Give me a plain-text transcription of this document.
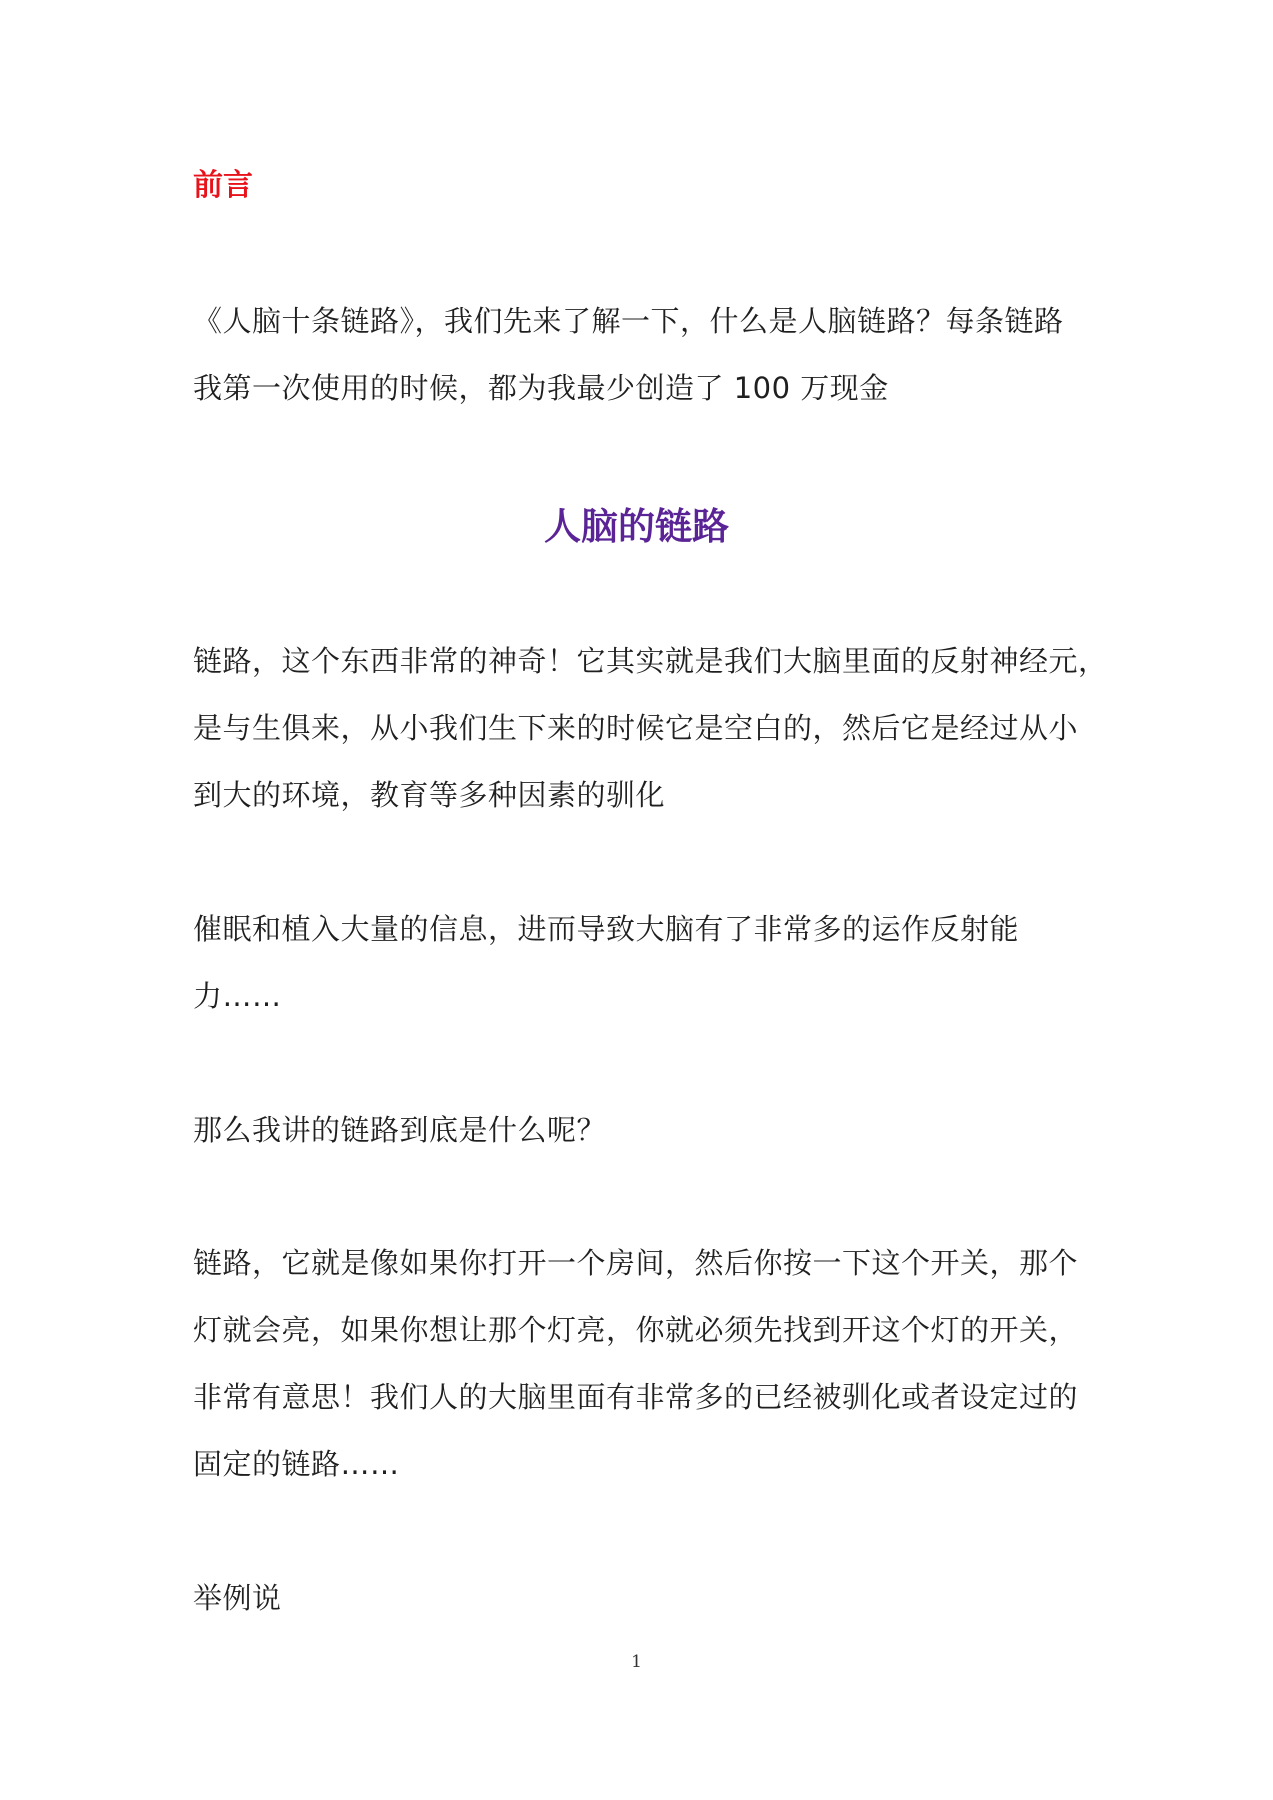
前言

《人脑十条链路》，我们先来了解一下，什么是人脑链路？每条链路
我第一次使用的时候，都为我最少创造了 100 万现金

人脑的链路

链路，这个东西非常的神奇！它其实就是我们大脑里面的反射神经元，
是与生俱来，从小我们生下来的时候它是空白的，然后它是经过从小
到大的环境，教育等多种因素的驯化

催眠和植入大量的信息，进而导致大脑有了非常多的运作反射能
力……

那么我讲的链路到底是什么呢？

链路，它就是像如果你打开一个房间，然后你按一下这个开关，那个
灯就会亮，如果你想让那个灯亮，你就必须先找到开这个灯的开关，
非常有意思！我们人的大脑里面有非常多的已经被驯化或者设定过的
固定的链路……

举例说

1
